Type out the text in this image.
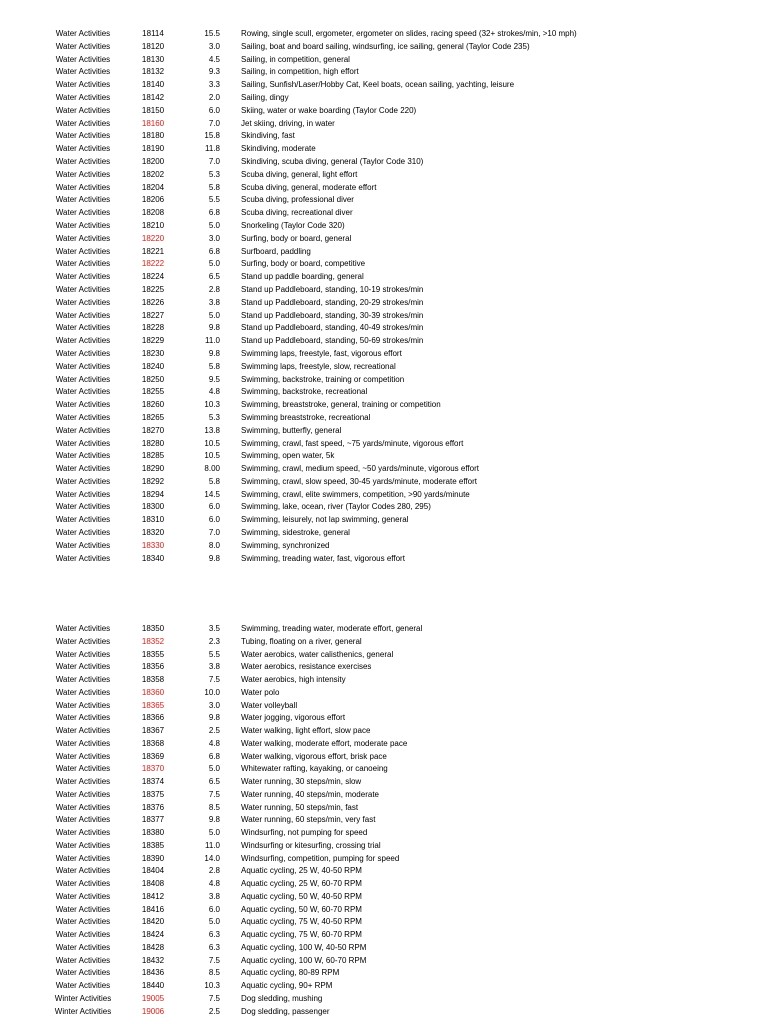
Water Activities	18114	15.5	Rowing, single scull, ergometer, ergometer on slides, racing speed (32+ strokes/min, >10 mph)
Water Activities	18120	3.0	Sailing, boat and board sailing, windsurfing, ice sailing, general (Taylor Code 235)
Water Activities	18130	4.5	Sailing, in competition, general
Water Activities	18132	9.3	Sailing, in competition, high effort
Water Activities	18140	3.3	Sailing, Sunfish/Laser/Hobby Cat, Keel boats, ocean sailing, yachting, leisure
Water Activities	18142	2.0	Sailing, dingy
Water Activities	18150	6.0	Skiing, water or wake boarding (Taylor Code 220)
Water Activities	18160	7.0	Jet skiing, driving, in water
Water Activities	18180	15.8	Skindiving, fast
Water Activities	18190	11.8	Skindiving, moderate
Water Activities	18200	7.0	Skindiving, scuba diving, general (Taylor Code 310)
Water Activities	18202	5.3	Scuba diving, general, light effort
Water Activities	18204	5.8	Scuba diving, general, moderate effort
Water Activities	18206	5.5	Scuba diving, professional diver
Water Activities	18208	6.8	Scuba diving, recreational diver
Water Activities	18210	5.0	Snorkeling (Taylor Code 320)
Water Activities	18220	3.0	Surfing, body or board, general
Water Activities	18221	6.8	Surfboard, paddling
Water Activities	18222	5.0	Surfing, body or board, competitive
Water Activities	18224	6.5	Stand up paddle boarding, general
Water Activities	18225	2.8	Stand up Paddleboard, standing, 10-19 strokes/min
Water Activities	18226	3.8	Stand up Paddleboard, standing, 20-29 strokes/min
Water Activities	18227	5.0	Stand up Paddleboard, standing, 30-39 strokes/min
Water Activities	18228	9.8	Stand up Paddleboard, standing, 40-49 strokes/min
Water Activities	18229	11.0	Stand up Paddleboard, standing, 50-69 strokes/min
Water Activities	18230	9.8	Swimming laps, freestyle, fast, vigorous effort
Water Activities	18240	5.8	Swimming laps, freestyle, slow, recreational
Water Activities	18250	9.5	Swimming, backstroke, training or competition
Water Activities	18255	4.8	Swimming, backstroke, recreational
Water Activities	18260	10.3	Swimming, breaststroke, general, training or competition
Water Activities	18265	5.3	Swimming breaststroke, recreational
Water Activities	18270	13.8	Swimming, butterfly, general
Water Activities	18280	10.5	Swimming, crawl, fast speed, ~75 yards/minute, vigorous effort
Water Activities	18285	10.5	Swimming, open water, 5k
Water Activities	18290	8.00	Swimming, crawl, medium speed, ~50 yards/minute, vigorous effort
Water Activities	18292	5.8	Swimming, crawl, slow speed, 30-45 yards/minute, moderate effort
Water Activities	18294	14.5	Swimming, crawl, elite swimmers, competition, >90 yards/minute
Water Activities	18300	6.0	Swimming, lake, ocean, river (Taylor Codes 280, 295)
Water Activities	18310	6.0	Swimming, leisurely, not lap swimming, general
Water Activities	18320	7.0	Swimming, sidestroke, general
Water Activities	18330	8.0	Swimming, synchronized
Water Activities	18340	9.8	Swimming, treading water, fast, vigorous effort
Water Activities	18350	3.5	Swimming, treading water, moderate effort, general
Water Activities	18352	2.3	Tubing, floating on a river, general
Water Activities	18355	5.5	Water aerobics, water calisthenics, general
Water Activities	18356	3.8	Water aerobics, resistance exercises
Water Activities	18358	7.5	Water aerobics, high intensity
Water Activities	18360	10.0	Water polo
Water Activities	18365	3.0	Water volleyball
Water Activities	18366	9.8	Water jogging, vigorous effort
Water Activities	18367	2.5	Water walking, light effort, slow pace
Water Activities	18368	4.8	Water walking, moderate effort, moderate pace
Water Activities	18369	6.8	Water walking, vigorous effort, brisk pace
Water Activities	18370	5.0	Whitewater rafting, kayaking, or canoeing
Water Activities	18374	6.5	Water running, 30 steps/min, slow
Water Activities	18375	7.5	Water running, 40 steps/min, moderate
Water Activities	18376	8.5	Water running, 50 steps/min, fast
Water Activities	18377	9.8	Water running, 60 steps/min, very fast
Water Activities	18380	5.0	Windsurfing, not pumping for speed
Water Activities	18385	11.0	Windsurfing or kitesurfing, crossing trial
Water Activities	18390	14.0	Windsurfing, competition, pumping for speed
Water Activities	18404	2.8	Aquatic cycling, 25 W, 40-50 RPM
Water Activities	18408	4.8	Aquatic cycling, 25 W, 60-70 RPM
Water Activities	18412	3.8	Aquatic cycling, 50 W, 40-50 RPM
Water Activities	18416	6.0	Aquatic cycling, 50 W, 60-70 RPM
Water Activities	18420	5.0	Aquatic cycling, 75 W, 40-50 RPM
Water Activities	18424	6.3	Aquatic cycling, 75 W, 60-70 RPM
Water Activities	18428	6.3	Aquatic cycling, 100 W, 40-50 RPM
Water Activities	18432	7.5	Aquatic cycling, 100 W, 60-70 RPM
Water Activities	18436	8.5	Aquatic cycling, 80-89 RPM
Water Activities	18440	10.3	Aquatic cycling, 90+ RPM
Winter Activities	19005	7.5	Dog sledding, mushing
Winter Activities	19006	2.5	Dog sledding, passenger
